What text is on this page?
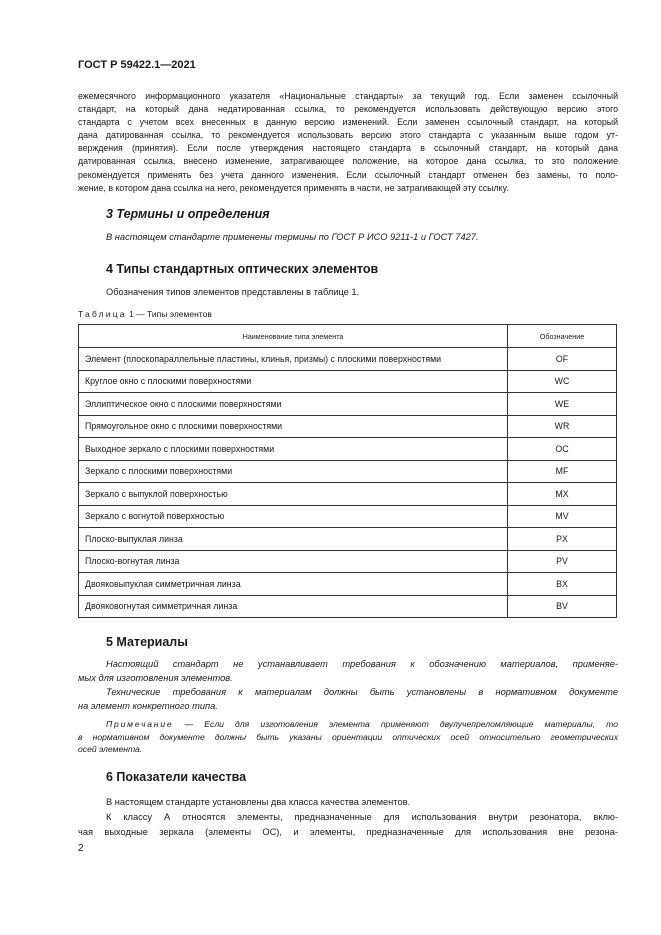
ГОСТ Р 59422.1—2021
ежемесячного информационного указателя «Национальные стандарты» за текущий год. Если заменен ссылочный
стандарт, на который дана недатированная ссылка, то рекомендуется использовать действующую версию этого
стандарта с учетом всех внесенных в данную версию изменений. Если заменен ссылочный стандарт, на который
дана датированная ссылка, то рекомендуется использовать версию этого стандарта с указанным выше годом ут-
верждения (принятия). Если после утверждения настоящего стандарта в ссылочный стандарт, на который дана
датированная ссылка, внесено изменение, затрагивающее положение, на которое дана ссылка, то это положение
рекомендуется применять без учета данного изменения. Если ссылочный стандарт отменен без замены, то поло-
жение, в котором дана ссылка на него, рекомендуется применять в части, не затрагивающей эту ссылку.
3 Термины и определения
В настоящем стандарте применены термины по ГОСТ Р ИСО 9211-1 и ГОСТ 7427.
4 Типы стандартных оптических элементов
Обозначения типов элементов представлены в таблице 1.
Таблица 1 — Типы элементов
Наименование типа элемента	Обозначение
Элемент (плоскопараллельные пластины, клинья, призмы) с плоскими поверхностями	OF
Круглое окно с плоскими поверхностями	WC
Эллиптическое окно с плоскими поверхностями	WE
Прямоугольное окно с плоскими поверхностями	WR
Выходное зеркало с плоскими поверхностями	OC
Зеркало с плоскими поверхностями	MF
Зеркало с выпуклой поверхностью	MX
Зеркало с вогнутой поверхностью	MV
Плоско-выпуклая линза	PX
Плоско-вогнутая линза	PV
Двояковыпуклая симметричная линза	BX
Двояковогнутая симметричная линза	BV
5 Материалы
Настоящий стандарт не устанавливает требования к обозначению материалов, применяе-
мых для изготовления элементов.
Технические требования к материалам должны быть установлены в нормативном документе
на элемент конкретного типа.
Примечание — Если для изготовления элемента применяют двулучепреломляющие материалы, то
в нормативном документе должны быть указаны ориентации оптических осей относительно геометрических
осей элемента.
6 Показатели качества
В настоящем стандарте установлены два класса качества элементов.
К классу А относятся элементы, предназначенные для использования внутри резонатора, вклю-
чая выходные зеркала (элементы ОС), и элементы, предназначенные для использования вне резона-
2
